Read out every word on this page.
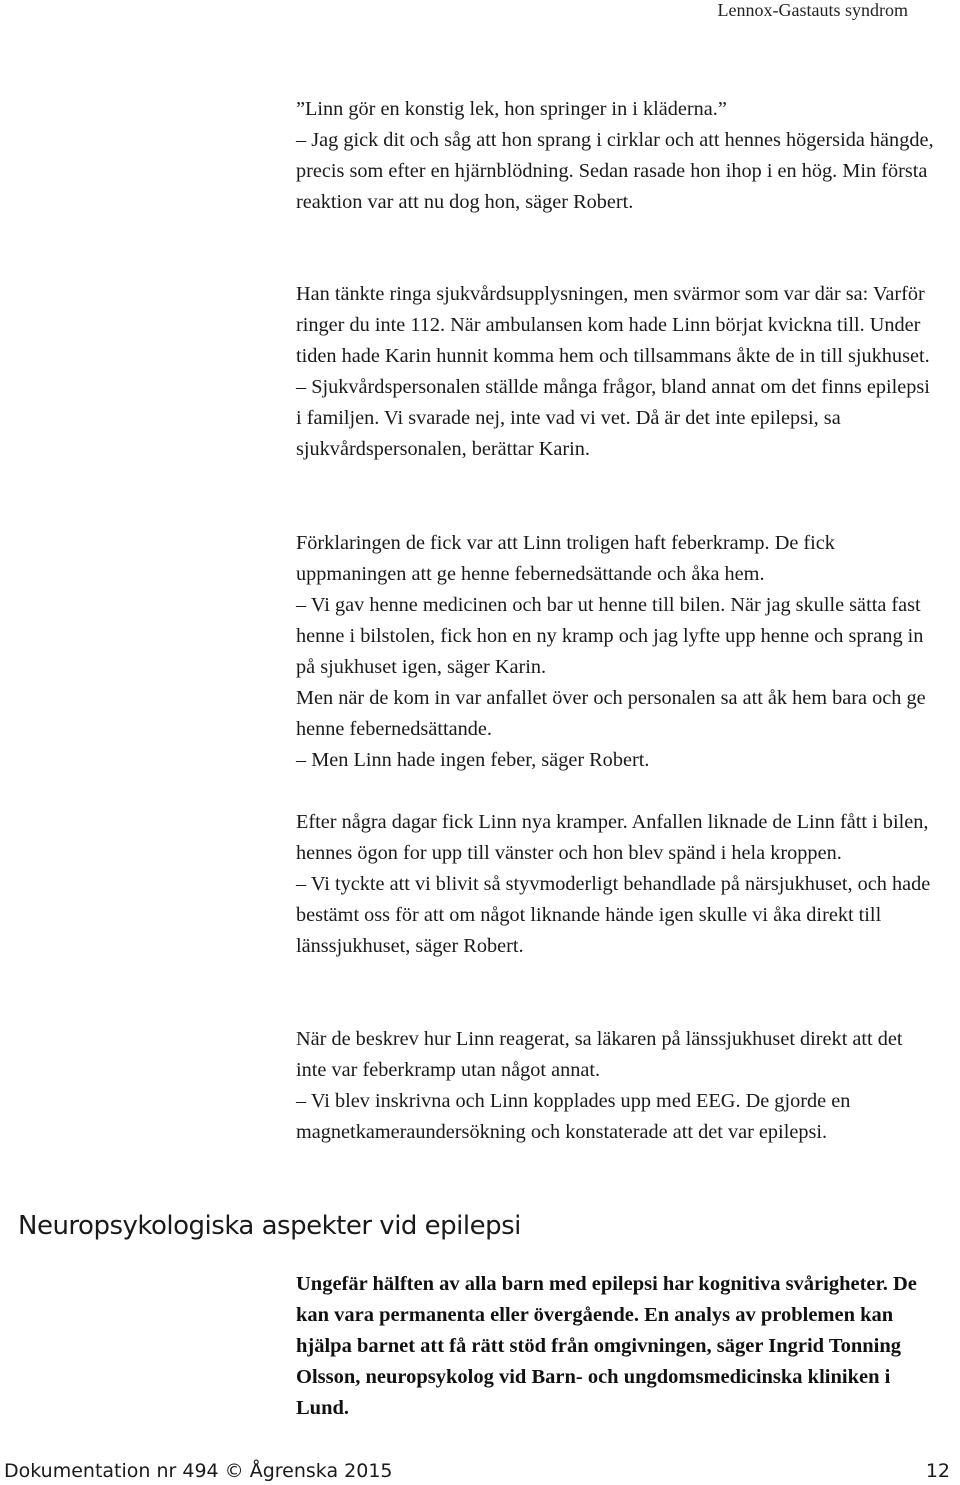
Lennox-Gastauts syndrom

”Linn gör en konstig lek, hon springer in i kläderna.”

– Jag gick dit och såg att hon sprang i cirklar och att hennes högersida hängde, precis som efter en hjärnblödning. Sedan rasade hon ihop i en hög. Min första reaktion var att nu dog hon, säger Robert.

Han tänkte ringa sjukvårdsupplysningen, men svärmor som var där sa: Varför ringer du inte 112. När ambulansen kom hade Linn börjat kvickna till. Under tiden hade Karin hunnit komma hem och tillsammans åkte de in till sjukhuset.

– Sjukvårdspersonalen ställde många frågor, bland annat om det finns epilepsi i familjen. Vi svarade nej, inte vad vi vet. Då är det inte epilepsi, sa sjukvårdspersonalen, berättar Karin.

Förklaringen de fick var att Linn troligen haft feberkramp. De fick uppmaningen att ge henne febernedsättande och åka hem.

– Vi gav henne medicinen och bar ut henne till bilen. När jag skulle sätta fast henne i bilstolen, fick hon en ny kramp och jag lyfte upp henne och sprang in på sjukhuset igen, säger Karin.

Men när de kom in var anfallet över och personalen sa att åk hem bara och ge henne febernedsättande.

– Men Linn hade ingen feber, säger Robert.

Efter några dagar fick Linn nya kramper. Anfallen liknade de Linn fått i bilen, hennes ögon for upp till vänster och hon blev spänd i hela kroppen.

– Vi tyckte att vi blivit så styvmoderligt behandlade på närsjukhuset, och hade bestämt oss för att om något liknande hände igen skulle vi åka direkt till länssjukhuset, säger Robert.

När de beskrev hur Linn reagerat, sa läkaren på länssjukhuset direkt att det inte var feberkramp utan något annat.

– Vi blev inskrivna och Linn kopplades upp med EEG. De gjorde en magnetkameraundersökning och konstaterade att det var epilepsi.

Neuropsykologiska aspekter vid epilepsi
Ungefär hälften av alla barn med epilepsi har kognitiva svårigheter. De kan vara permanenta eller övergående. En analys av problemen kan hjälpa barnet att få rätt stöd från omgivningen, säger Ingrid Tonning Olsson, neuropsykolog vid Barn- och ungdomsmedicinska kliniken i Lund.
Dokumentation nr 494 © Ågrenska 2015	12
